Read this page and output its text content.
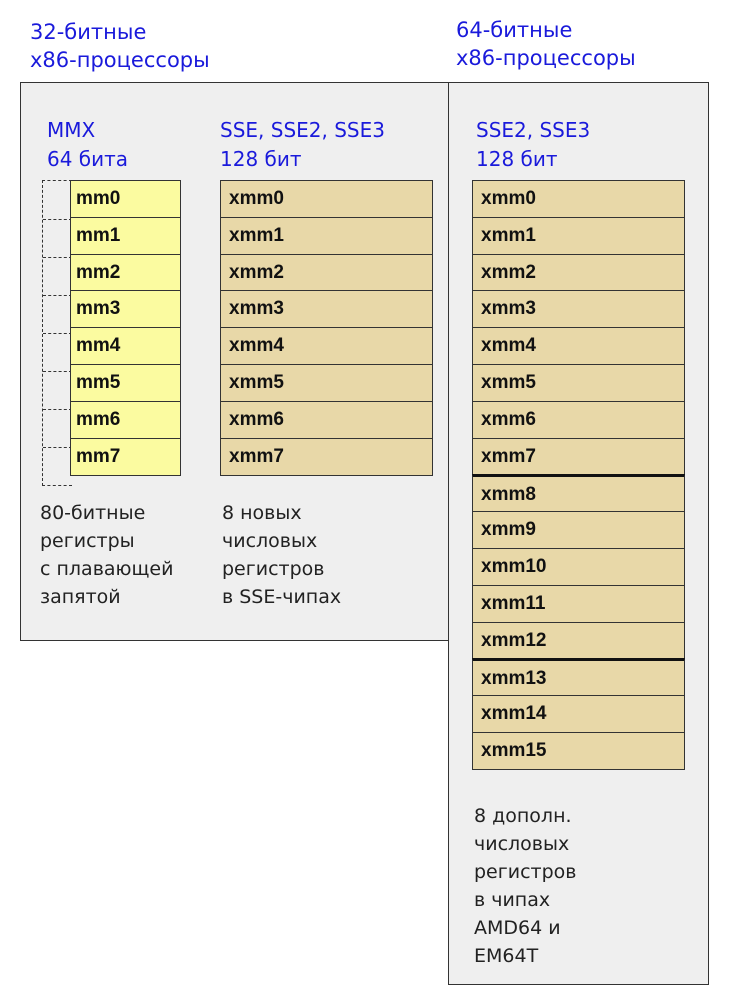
32-битные
x86-процессоры
64-битные
x86-процессоры
MMX
64 бита
mm0
mm1
mm2
mm3
mm4
mm5
mm6
mm7
80-битные
регистры
с плавающей
запятой
SSE, SSE2, SSE3
128 бит
xmm0
xmm1
xmm2
xmm3
xmm4
xmm5
xmm6
xmm7
8 новых
числовых
регистров
в SSE-чипах
SSE2, SSE3
128 бит
xmm0
xmm1
xmm2
xmm3
xmm4
xmm5
xmm6
xmm7
xmm8
xmm9
xmm10
xmm11
xmm12
xmm13
xmm14
xmm15
8 дополн.
числовых
регистров
в чипах
AMD64 и
EM64T
